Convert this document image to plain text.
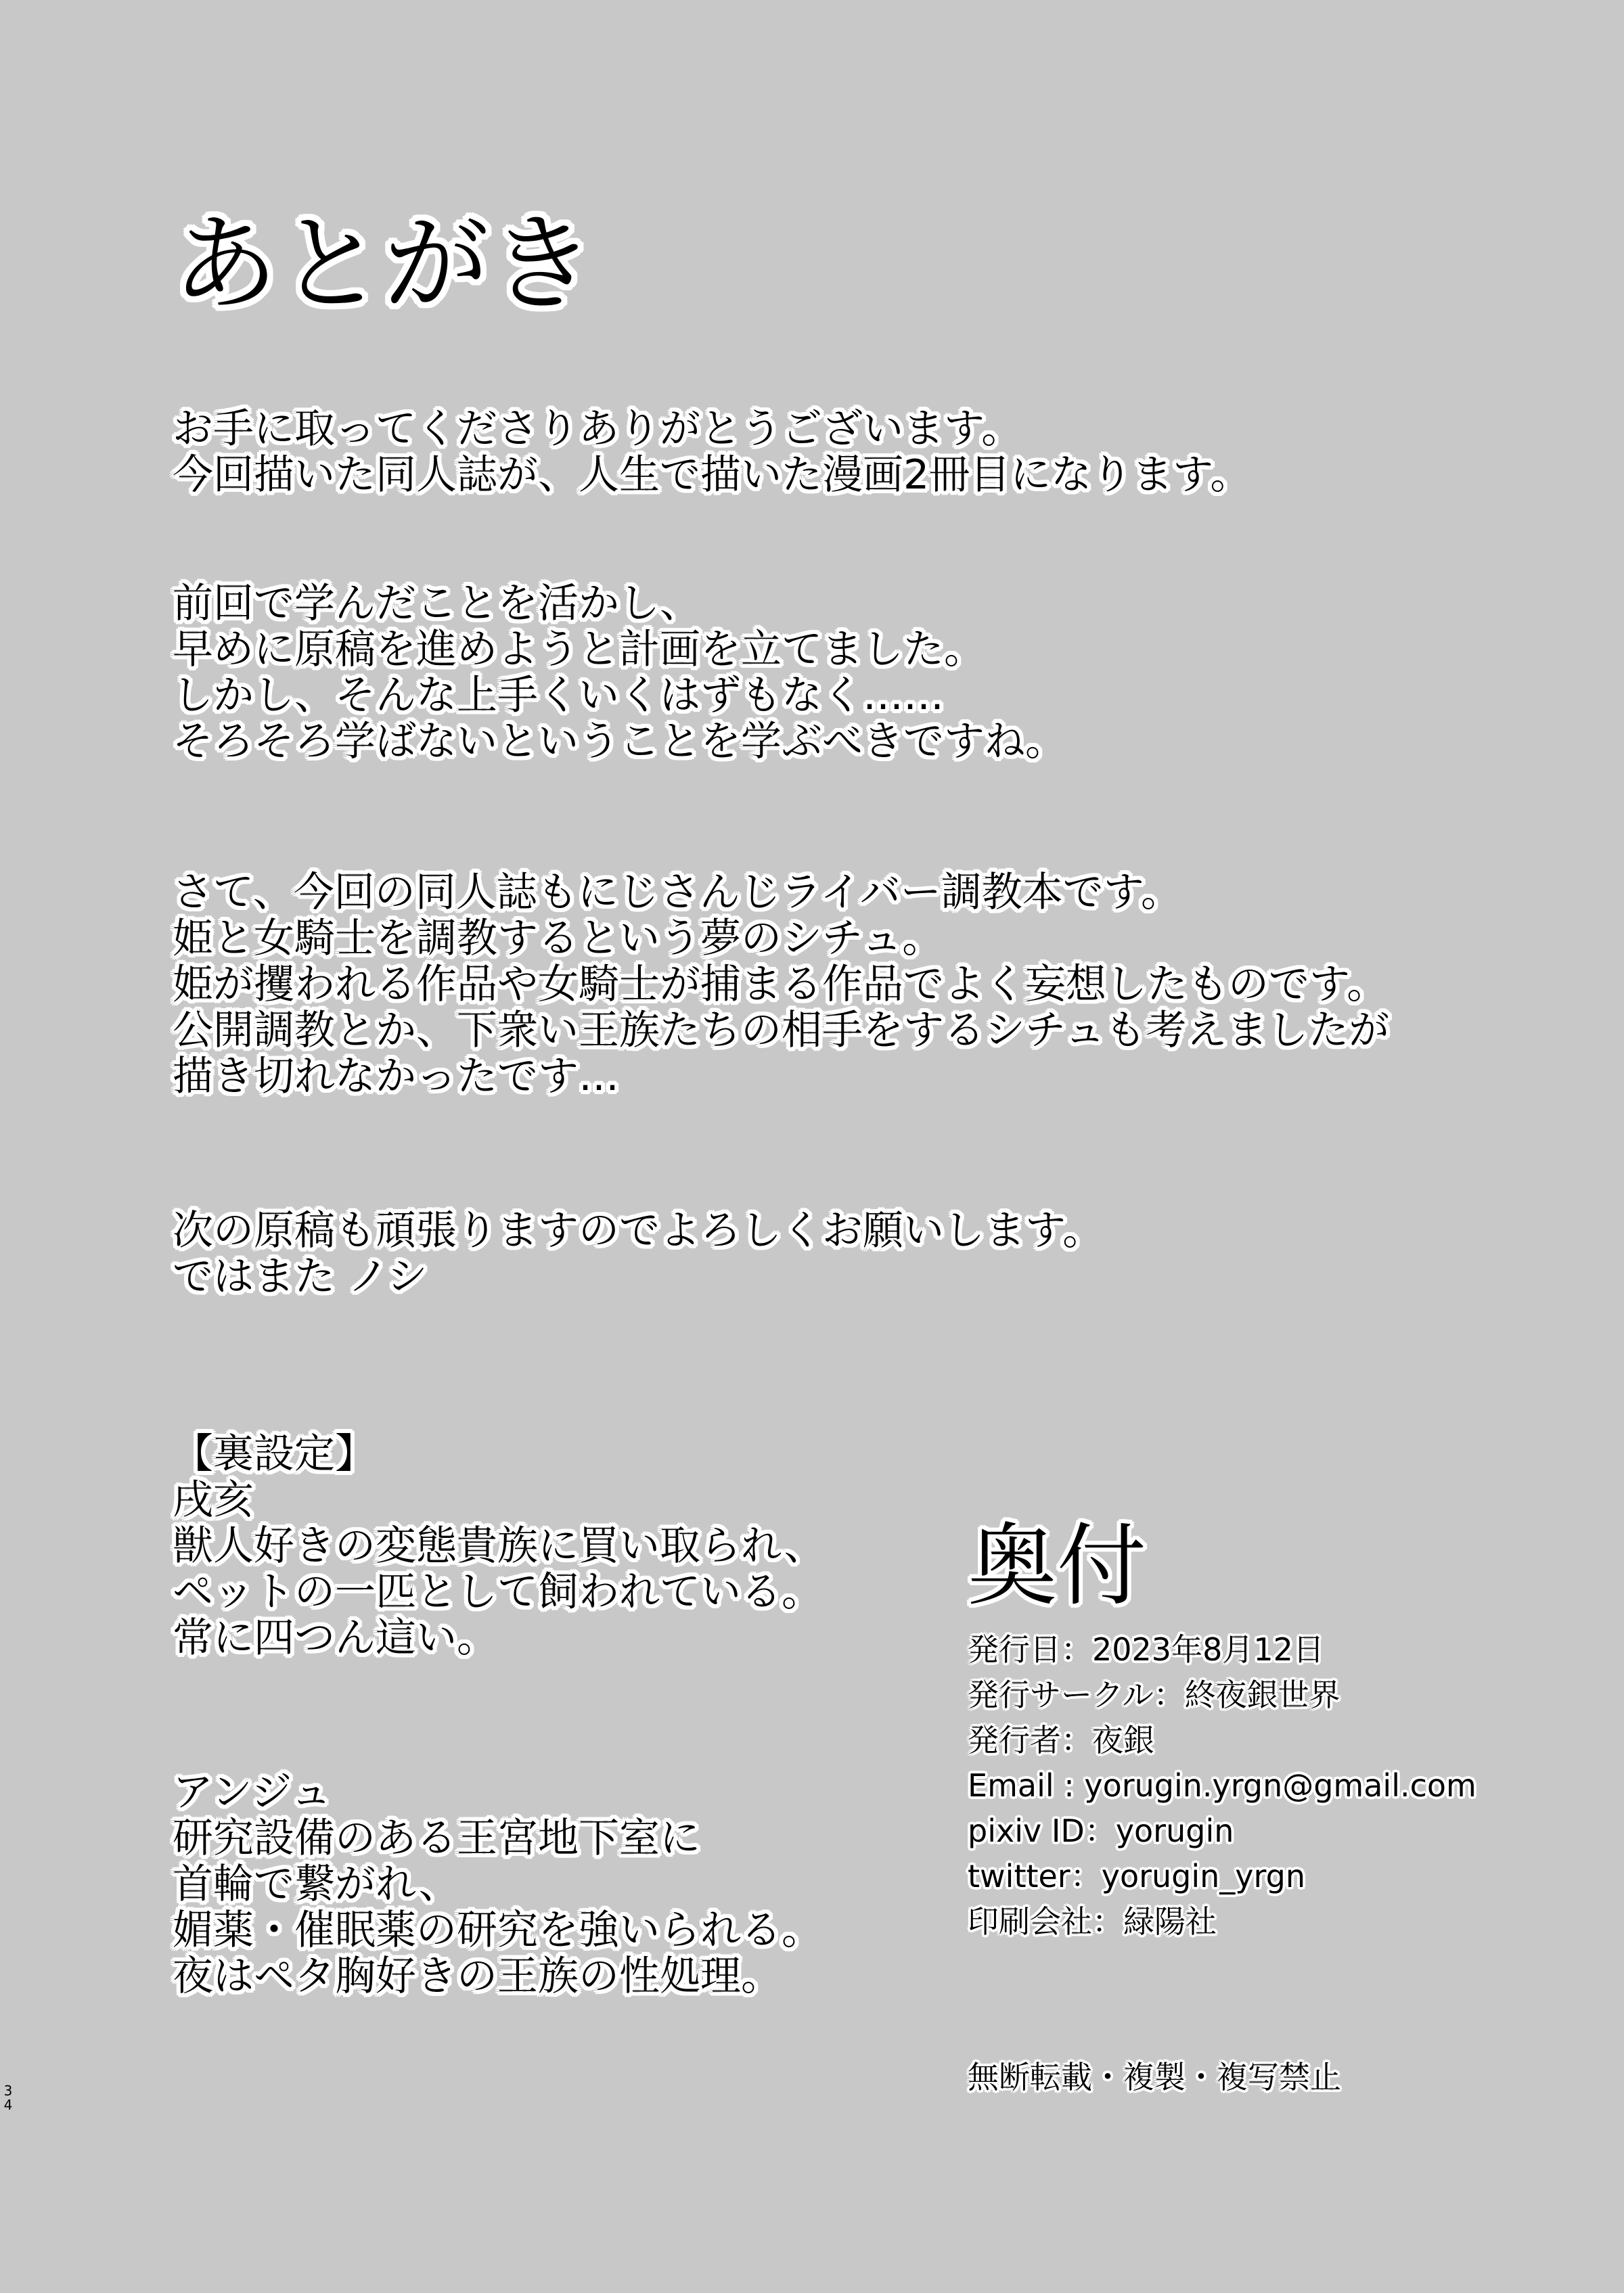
あとがき
お手に取ってくださりありがとうございます。
今回描いた同人誌が、人生で描いた漫画2冊目になります。
前回で学んだことを活かし、
早めに原稿を進めようと計画を立てました。
しかし、そんな上手くいくはずもなく……
そろそろ学ばないということを学ぶべきですね。
さて、今回の同人誌もにじさんじライバー調教本です。
姫と女騎士を調教するという夢のシチュ。
姫が攫われる作品や女騎士が捕まる作品でよく妄想したものです。
公開調教とか、下衆い王族たちの相手をするシチュも考えましたが
描き切れなかったです…
次の原稿も頑張りますのでよろしくお願いします。
ではまた ノシ
【裏設定】
戌亥
獣人好きの変態貴族に買い取られ、
ペットの一匹として飼われている。
常に四つん這い。
アンジュ
研究設備のある王宮地下室に
首輪で繋がれ、
媚薬・催眠薬の研究を強いられる。
夜はペタ胸好きの王族の性処理。
奥付
発行日：2023年8月12日
発行サークル：終夜銀世界
発行者：夜銀
Email : yorugin.yrgn@gmail.com
pixiv ID：yorugin
twitter：yorugin_yrgn
印刷会社：緑陽社
無断転載・複製・複写禁止
3
4
